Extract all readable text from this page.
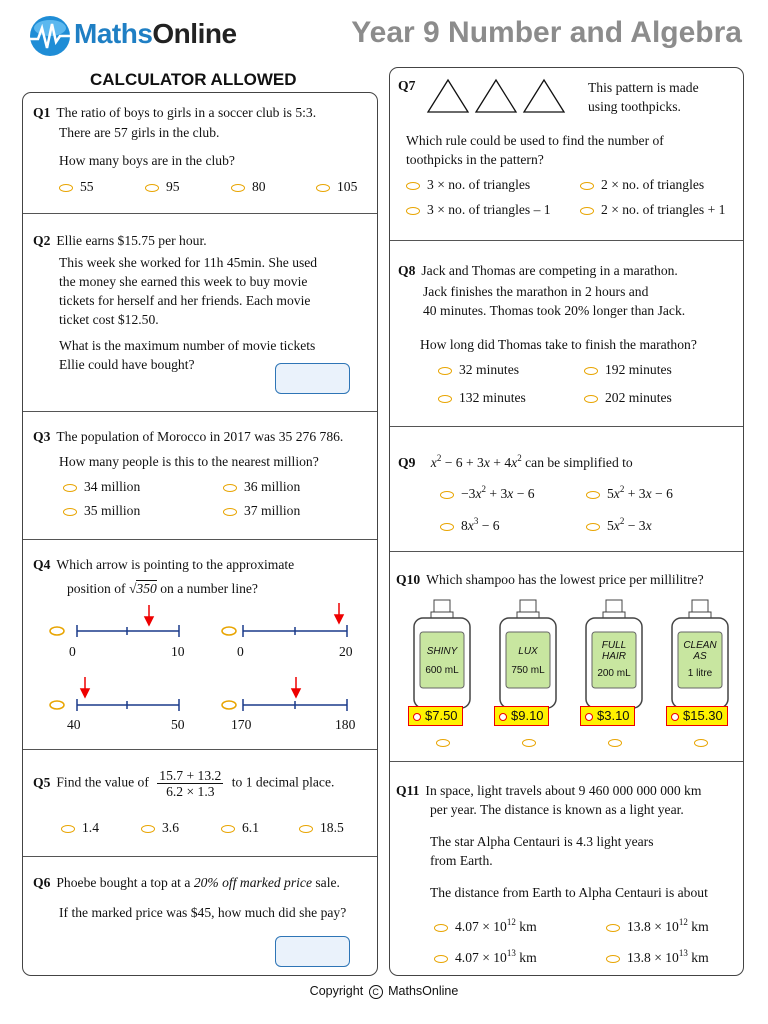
MathsOnline	Year 9 Number and Algebra
CALCULATOR ALLOWED
Q1 The ratio of boys to girls in a soccer club is 5:3.
There are 57 girls in the club.
How many boys are in the club?
55	95	80	105
Q2 Ellie earns $15.75 per hour.
This week she worked for 11h 45min. She used
the money she earned this week to buy movie
tickets for herself and her friends. Each movie
ticket cost $12.50.
What is the maximum number of movie tickets
Ellie could have bought?
Q3 The population of Morocco in 2017 was 35 276 786.
How many people is this to the nearest million?
34 million	36 million
35 million	37 million
Q4 Which arrow is pointing to the approximate
position of √350 on a number line?
0	10	0	20
40	50	170	180
Q5 Find the value of $\frac{15.7 + 13.2}{6.2 \times 1.3}$ to 1 decimal place.
1.4	3.6	6.1	18.5
Q6 Phoebe bought a top at a 20% off marked price sale.
If the marked price was $45, how much did she pay?
Q7	This pattern is made
using toothpicks.
Which rule could be used to find the number of
toothpicks in the pattern?
3 × no. of triangles	2 × no. of triangles
3 × no. of triangles – 1	2 × no. of triangles + 1
Q8 Jack and Thomas are competing in a marathon.
Jack finishes the marathon in 2 hours and
40 minutes. Thomas took 20% longer than Jack.
How long did Thomas take to finish the marathon?
32 minutes	192 minutes
132 minutes	202 minutes
Q9 $x^2 - 6 + 3x + 4x^2$ can be simplified to
$-3x^2 + 3x - 6$	$5x^2 + 3x - 6$
$8x^3 - 6$	$5x^2 - 3x$
Q10 Which shampoo has the lowest price per millilitre?
SHINY
600 mL
$7.50
LUX
750 mL
$9.10
FULL HAIR
200 mL
$3.10
CLEAN AS
1 litre
$15.30
Q11 In space, light travels about 9 460 000 000 000 km
per year. The distance is known as a light year.
The star Alpha Centauri is 4.3 light years
from Earth.
The distance from Earth to Alpha Centauri is about
$4.07 \times 10^{12}$ km	$13.8 \times 10^{12}$ km
$4.07 \times 10^{13}$ km	$13.8 \times 10^{13}$ km
Copyright C MathsOnline
